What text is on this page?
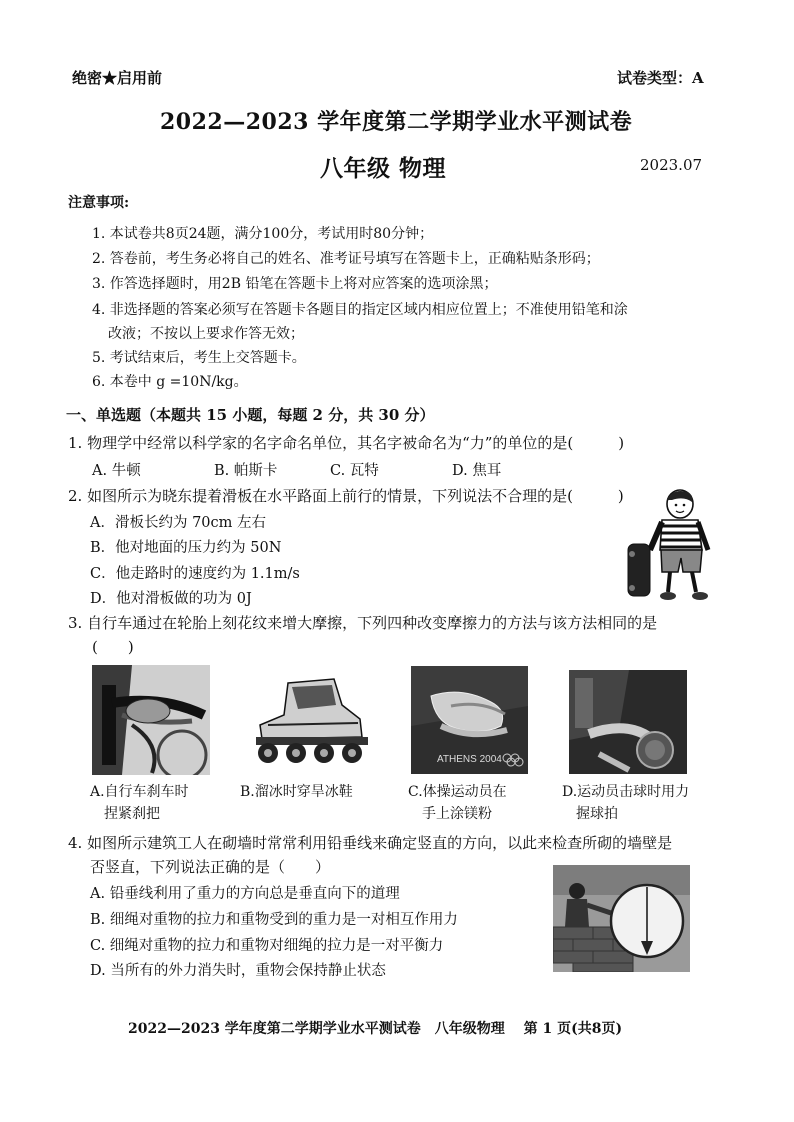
绝密★启用前	试卷类型：A
2022—2023 学年度第二学期学业水平测试卷
八年级 物理	2023.07
注意事项:
1. 本试卷共8页24题，满分100分，考试用时80分钟；
2. 答卷前，考生务必将自己的姓名、准考证号填写在答题卡上，正确粘贴条形码；
3. 作答选择题时，用2B 铅笔在答题卡上将对应答案的选项涂黑；
4. 非选择题的答案必须写在答题卡各题目的指定区域内相应位置上；不准使用铅笔和涂
改液；不按以上要求作答无效；
5. 考试结束后，考生上交答题卡。
6. 本卷中 g =10N/kg。
一、单选题（本题共 15 小题，每题 2 分，共 30 分）
1. 物理学中经常以科学家的名字命名单位，其名字被命名为“力”的单位的是(　　　)
A. 牛顿	B. 帕斯卡	C. 瓦特	D. 焦耳
2. 如图所示为晓东提着滑板在水平路面上前行的情景，下列说法不合理的是(　　　)
A．滑板长约为 70cm 左右
B．他对地面的压力约为 50N
C．他走路时的速度约为 1.1m/s
D．他对滑板做的功为 0J
3. 自行车通过在轮胎上刻花纹来增大摩擦，下列四种改变摩擦力的方法与该方法相同的是
(　　)
A.自行车刹车时
捏紧刹把
B.溜冰时穿旱冰鞋
ATHENS 2004
C.体操运动员在
手上涂镁粉
D.运动员击球时用力
握球拍
4. 如图所示建筑工人在砌墙时常常利用铅垂线来确定竖直的方向，以此来检查所砌的墙壁是
否竖直，下列说法正确的是（　　）
A. 铅垂线利用了重力的方向总是垂直向下的道理
B. 细绳对重物的拉力和重物受到的重力是一对相互作用力
C. 细绳对重物的拉力和重物对细绳的拉力是一对平衡力
D. 当所有的外力消失时，重物会保持静止状态
2022—2023 学年度第二学期学业水平测试卷　八年级物理　 第 1 页(共8页)
